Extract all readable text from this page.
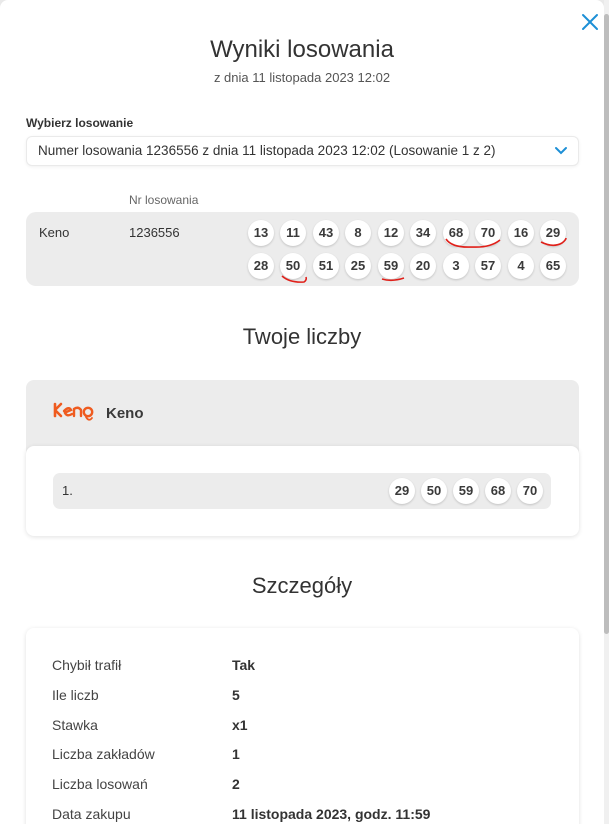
Wyniki losowania
z dnia 11 listopada 2023 12:02
Wybierz losowanie
Numer losowania 1236556 z dnia 11 listopada 2023 12:02 (Losowanie 1 z 2)
Nr losowania
Keno	1236556	13	11	43	8	12	34	68	70	16	29
28	50	51	25	59	20	3	57	4	65
Twoje liczby
Keno
1.	29	50	59	68	70
Szczegóły
Chybił trafił	Tak
Ile liczb	5
Stawka	x1
Liczba zakładów	1
Liczba losowań	2
Data zakupu	11 listopada 2023, godz. 11:59
